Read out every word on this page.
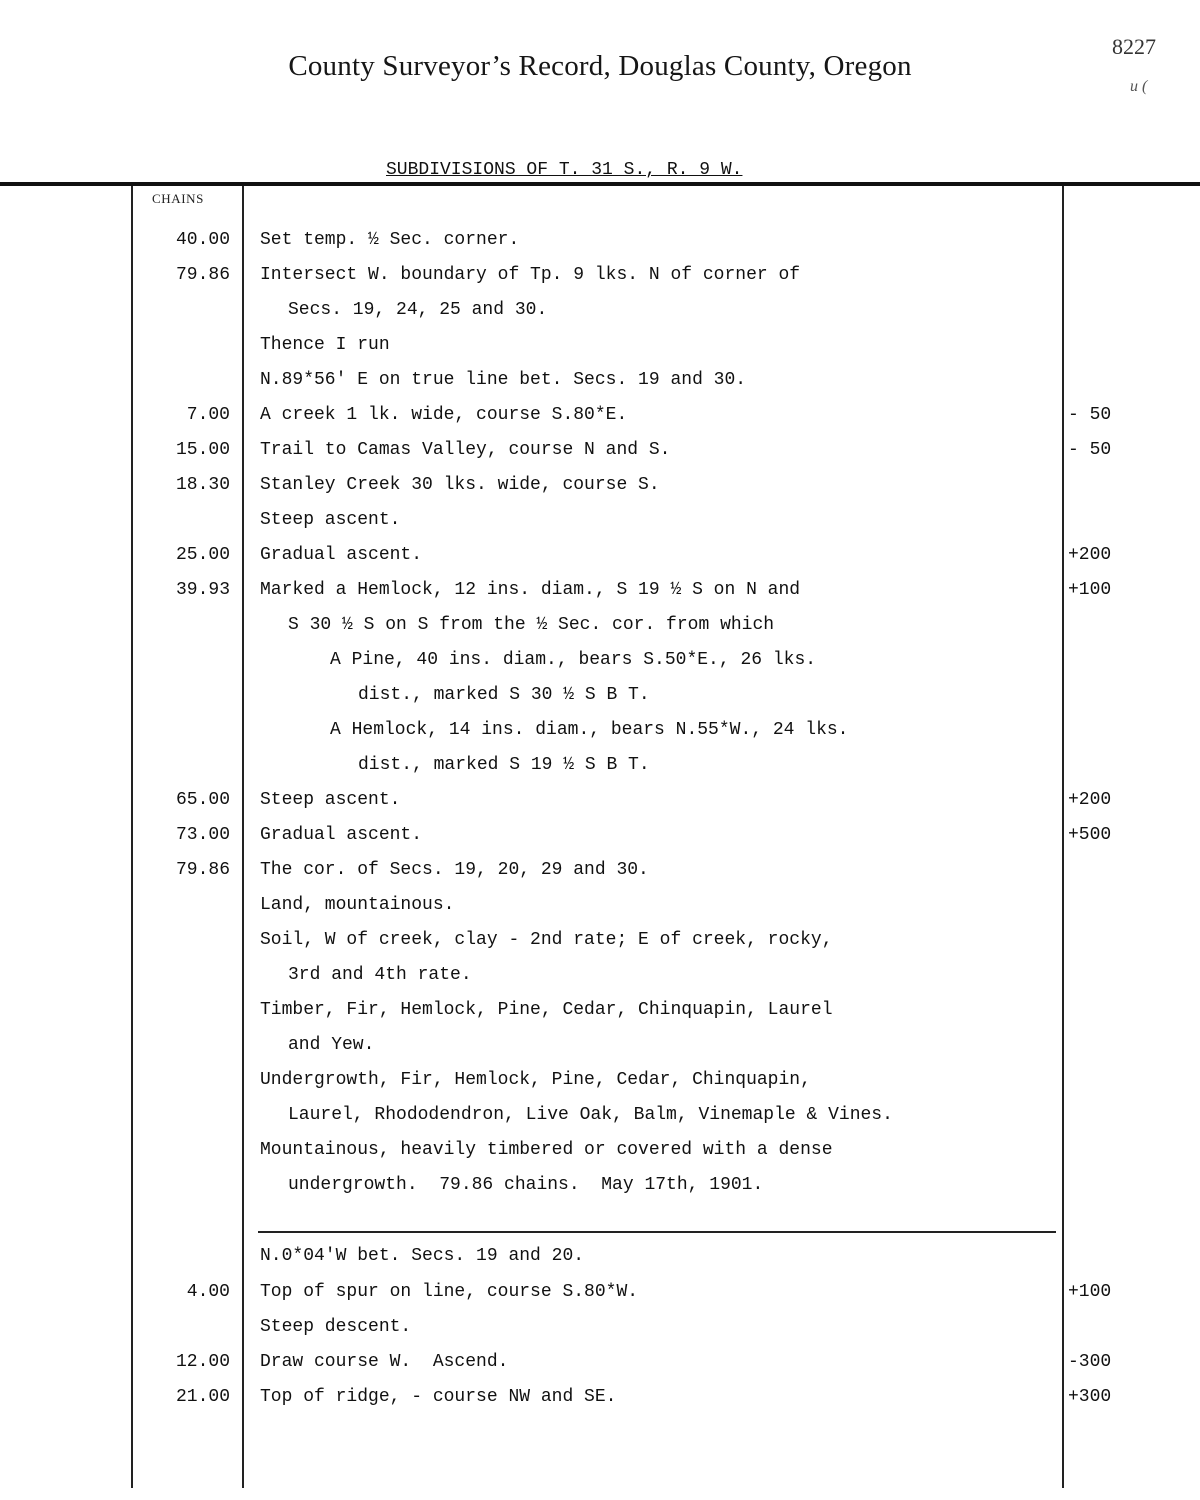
County Surveyor’s Record, Douglas County, Oregon
8227
u (
SUBDIVISIONS OF T. 31 S., R. 9 W.
CHAINS
40.00 Set temp. ½ Sec. corner.
79.86 Intersect W. boundary of Tp. 9 lks. N of corner of
Secs. 19, 24, 25 and 30.
Thence I run
N.89*56' E on true line bet. Secs. 19 and 30.
7.00 A creek 1 lk. wide, course S.80*E.	- 50
15.00 Trail to Camas Valley, course N and S.	- 50
18.30 Stanley Creek 30 lks. wide, course S.
Steep ascent.
25.00 Gradual ascent.	+200
39.93 Marked a Hemlock, 12 ins. diam., S 19 ½ S on N and	+100
S 30 ½ S on S from the ½ Sec. cor. from which
A Pine, 40 ins. diam., bears S.50*E., 26 lks.
dist., marked S 30 ½ S B T.
A Hemlock, 14 ins. diam., bears N.55*W., 24 lks.
dist., marked S 19 ½ S B T.
65.00 Steep ascent.	+200
73.00 Gradual ascent.	+500
79.86 The cor. of Secs. 19, 20, 29 and 30.
Land, mountainous.
Soil, W of creek, clay - 2nd rate; E of creek, rocky,
3rd and 4th rate.
Timber, Fir, Hemlock, Pine, Cedar, Chinquapin, Laurel
and Yew.
Undergrowth, Fir, Hemlock, Pine, Cedar, Chinquapin,
Laurel, Rhododendron, Live Oak, Balm, Vinemaple & Vines.
Mountainous, heavily timbered or covered with a dense
undergrowth.  79.86 chains.  May 17th, 1901.
N.0*04'W bet. Secs. 19 and 20.
4.00 Top of spur on line, course S.80*W.	+100
Steep descent.
12.00 Draw course W.  Ascend.	-300
21.00 Top of ridge, - course NW and SE.	+300
